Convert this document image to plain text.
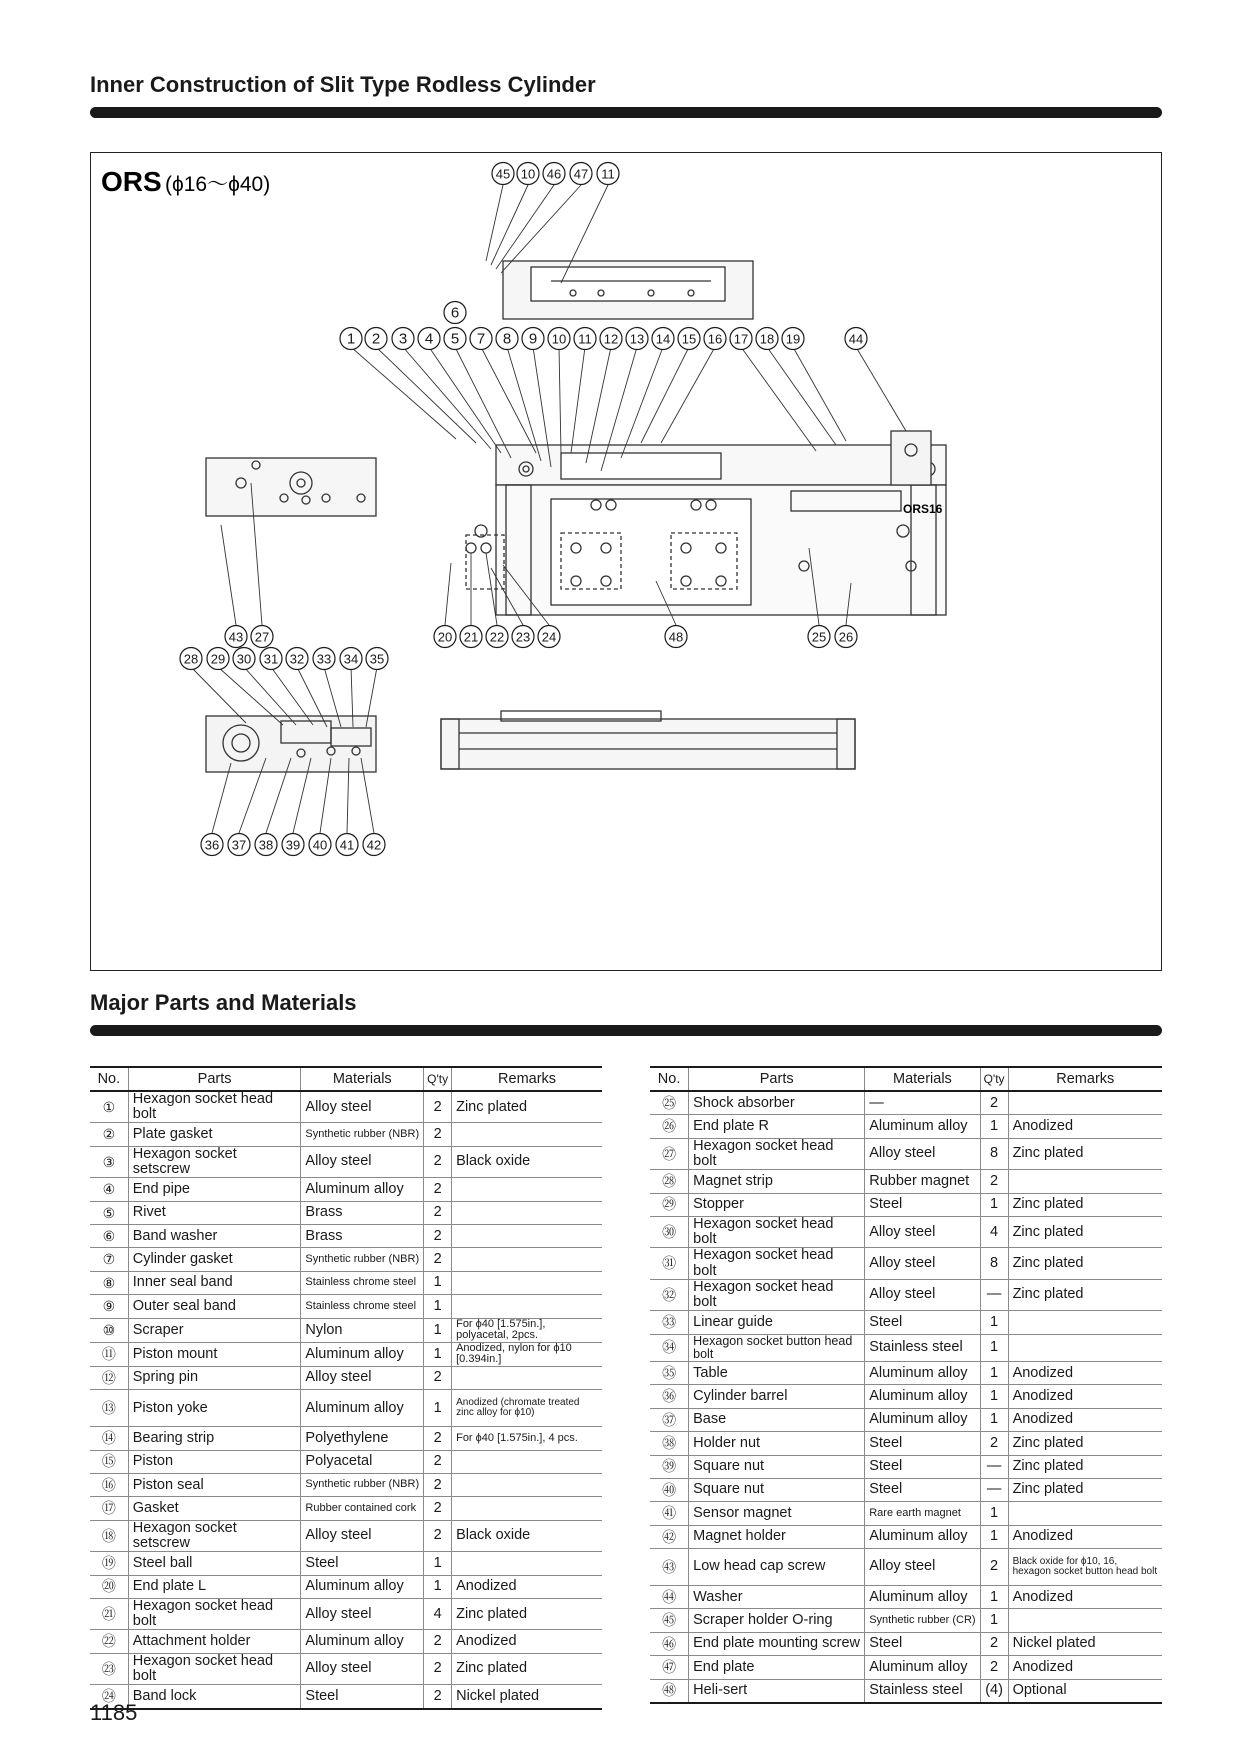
Inner Construction of Slit Type Rodless Cylinder
ORS (ϕ16～ϕ40)
ORS16
45 10 46 47 11
6
1 2 3 4 5 7 8 9 10 11 12 13 14 15 16 17 18 19	44
43 27	20 21 22 23 24	48	25 26
28 29 30 31 32 33 34 35
36 37 38 39 40 41 42
Major Parts and Materials
No.	Parts	Materials	Q'ty	Remarks
①	Hexagon socket head bolt	Alloy steel	2	Zinc plated
②	Plate gasket	Synthetic rubber (NBR)	2	
③	Hexagon socket setscrew	Alloy steel	2	Black oxide
④	End pipe	Aluminum alloy	2	
⑤	Rivet	Brass	2	
⑥	Band washer	Brass	2	
⑦	Cylinder gasket	Synthetic rubber (NBR)	2	
⑧	Inner seal band	Stainless chrome steel	1	
⑨	Outer seal band	Stainless chrome steel	1	
⑩	Scraper	Nylon	1	For ϕ40 [1.575in.], polyacetal, 2pcs.
⑪	Piston mount	Aluminum alloy	1	Anodized, nylon for ϕ10 [0.394in.]
⑫	Spring pin	Alloy steel	2	
⑬	Piston yoke	Aluminum alloy	1	Anodized (chromate treated zinc alloy for ϕ10)
⑭	Bearing strip	Polyethylene	2	For ϕ40 [1.575in.], 4 pcs.
⑮	Piston	Polyacetal	2	
⑯	Piston seal	Synthetic rubber (NBR)	2	
⑰	Gasket	Rubber contained cork	2	
⑱	Hexagon socket setscrew	Alloy steel	2	Black oxide
⑲	Steel ball	Steel	1	
⑳	End plate L	Aluminum alloy	1	Anodized
㉑	Hexagon socket head bolt	Alloy steel	4	Zinc plated
㉒	Attachment holder	Aluminum alloy	2	Anodized
㉓	Hexagon socket head bolt	Alloy steel	2	Zinc plated
㉔	Band lock	Steel	2	Nickel plated
No.	Parts	Materials	Q'ty	Remarks
㉕	Shock absorber	—	2	
㉖	End plate R	Aluminum alloy	1	Anodized
㉗	Hexagon socket head bolt	Alloy steel	8	Zinc plated
㉘	Magnet strip	Rubber magnet	2	
㉙	Stopper	Steel	1	Zinc plated
㉚	Hexagon socket head bolt	Alloy steel	4	Zinc plated
㉛	Hexagon socket head bolt	Alloy steel	8	Zinc plated
㉜	Hexagon socket head bolt	Alloy steel	—	Zinc plated
㉝	Linear guide	Steel	1	
㉞	Hexagon socket button head bolt	Stainless steel	1	
㉟	Table	Aluminum alloy	1	Anodized
㊱	Cylinder barrel	Aluminum alloy	1	Anodized
㊲	Base	Aluminum alloy	1	Anodized
㊳	Holder nut	Steel	2	Zinc plated
㊴	Square nut	Steel	—	Zinc plated
㊵	Square nut	Steel	—	Zinc plated
㊶	Sensor magnet	Rare earth magnet	1	
㊷	Magnet holder	Aluminum alloy	1	Anodized
㊸	Low head cap screw	Alloy steel	2	Black oxide for ϕ10, 16, hexagon socket button head bolt
㊹	Washer	Aluminum alloy	1	Anodized
㊺	Scraper holder O-ring	Synthetic rubber (CR)	1	
㊻	End plate mounting screw	Steel	2	Nickel plated
㊼	End plate	Aluminum alloy	2	Anodized
㊽	Heli-sert	Stainless steel	(4)	Optional
1185
